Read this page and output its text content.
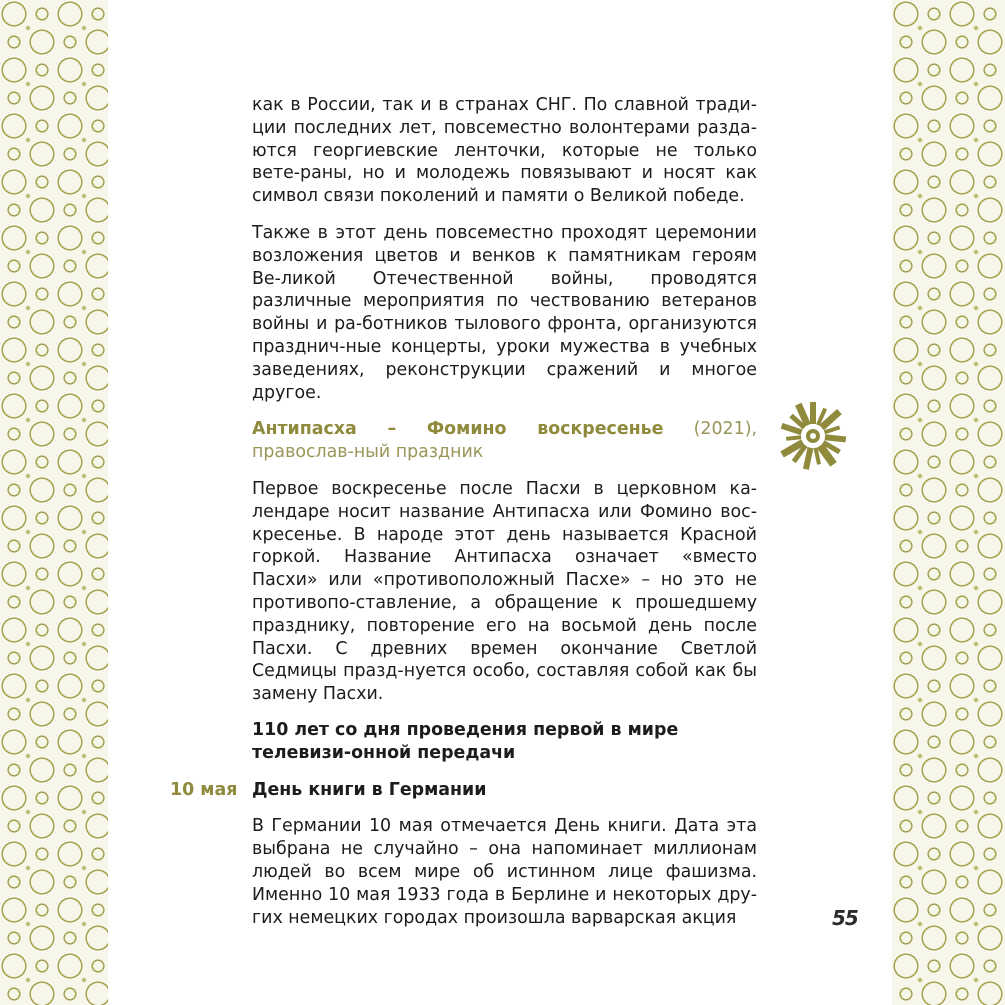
как в России, так и в странах СНГ. По славной тради-ции последних лет, повсеместно волонтерами разда-ются георгиевские ленточки, которые не только вете-раны, но и молодежь повязывают и носят как символ связи поколений и памяти о Великой победе.

Также в этот день повсеместно проходят церемонии возложения цветов и венков к памятникам героям Ве-ликой Отечественной войны, проводятся различные мероприятия по чествованию ветеранов войны и ра-ботников тылового фронта, организуются празднич-ные концерты, уроки мужества в учебных заведениях, реконструкции сражений и многое другое.

Антипасха – Фомино воскресенье (2021), православ-ный праздник

Первое воскресенье после Пасхи в церковном ка-лендаре носит название Антипасха или Фомино вос-кресенье. В народе этот день называется Красной горкой. Название Антипасха означает «вместо Пасхи» или «противоположный Пасхе» – но это не противопо-ставление, а обращение к прошедшему празднику, повторение его на восьмой день после Пасхи. С древних времен окончание Светлой Седмицы празд-нуется особо, составляя собой как бы замену Пасхи.

110 лет со дня проведения первой в мире телевизи-онной передачи
10 мая День книги в Германии

В Германии 10 мая отмечается День книги. Дата эта выбрана не случайно – она напоминает миллионам людей во всем мире об истинном лице фашизма. Именно 10 мая 1933 года в Берлине и некоторых дру-гих немецких городах произошла варварская акция	55
